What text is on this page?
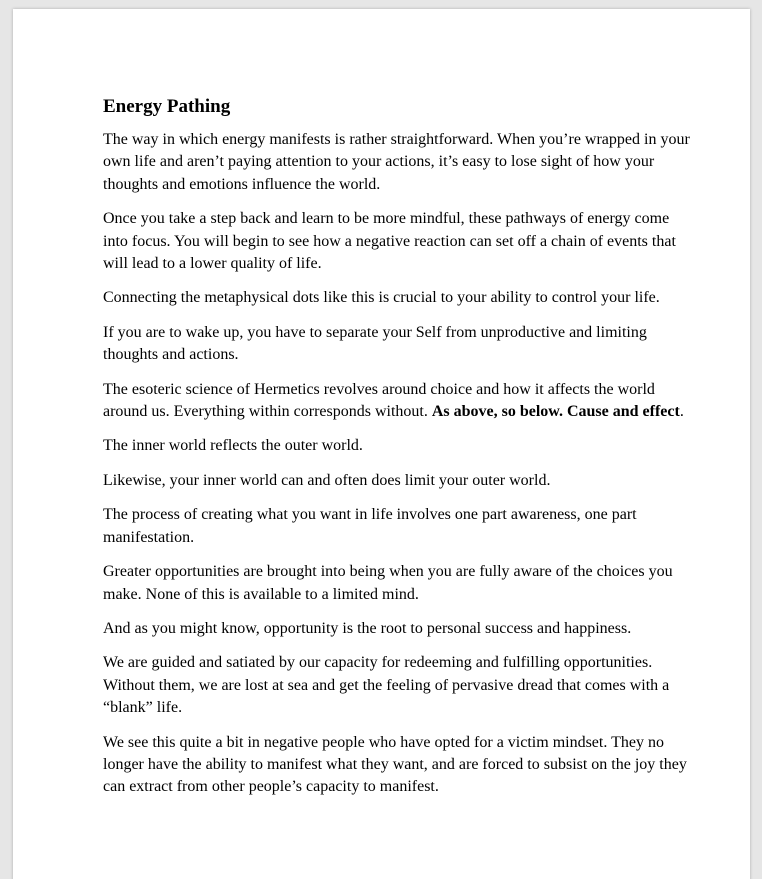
Energy Pathing

The way in which energy manifests is rather straightforward. When you’re wrapped in your own life and aren’t paying attention to your actions, it’s easy to lose sight of how your thoughts and emotions influence the world.

Once you take a step back and learn to be more mindful, these pathways of energy come into focus. You will begin to see how a negative reaction can set off a chain of events that will lead to a lower quality of life.

Connecting the metaphysical dots like this is crucial to your ability to control your life.

If you are to wake up, you have to separate your Self from unproductive and limiting thoughts and actions.

The esoteric science of Hermetics revolves around choice and how it affects the world around us. Everything within corresponds without. As above, so below. Cause and effect.

The inner world reflects the outer world.

Likewise, your inner world can and often does limit your outer world.

The process of creating what you want in life involves one part awareness, one part manifestation.

Greater opportunities are brought into being when you are fully aware of the choices you make. None of this is available to a limited mind.

And as you might know, opportunity is the root to personal success and happiness.

We are guided and satiated by our capacity for redeeming and fulfilling opportunities. Without them, we are lost at sea and get the feeling of pervasive dread that comes with a “blank” life.

We see this quite a bit in negative people who have opted for a victim mindset. They no longer have the ability to manifest what they want, and are forced to subsist on the joy they can extract from other people’s capacity to manifest.
